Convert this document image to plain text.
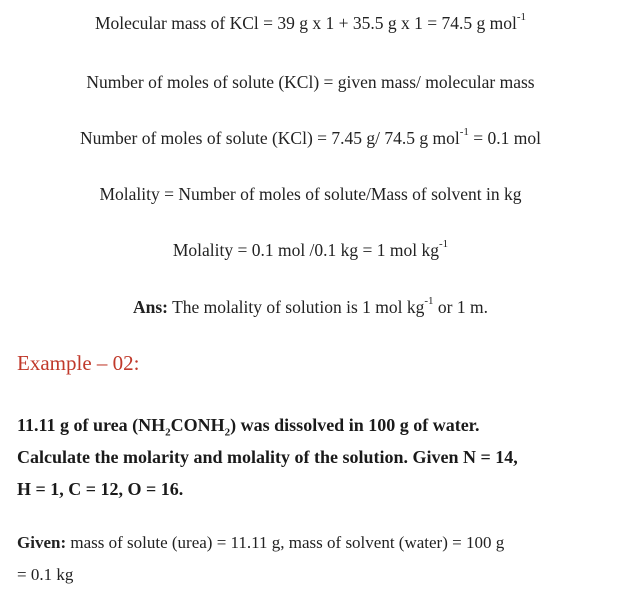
Molecular mass of KCl = 39 g x 1 + 35.5 g x 1 = 74.5 g mol$^{-1}$
Number of moles of solute (KCl) = given mass/ molecular mass
Number of moles of solute (KCl) = 7.45 g/ 74.5 g mol$^{-1}$ = 0.1 mol
Molality = Number of moles of solute/Mass of solvent in kg
Molality = 0.1 mol /0.1 kg = 1 mol $kg^{-1}$
Ans: The molality of solution is 1 mol $kg^{-1}$ or 1 m.
Example – 02:
11.11 g of urea $(NH_2CONH_2)$ was dissolved in 100 g of water.
Calculate the molarity and molality of the solution. Given N = 14,
H = 1, C = 12, O = 16.
Given: mass of solute (urea) = 11.11 g, mass of solvent (water) = 100 g
= 0.1 kg
